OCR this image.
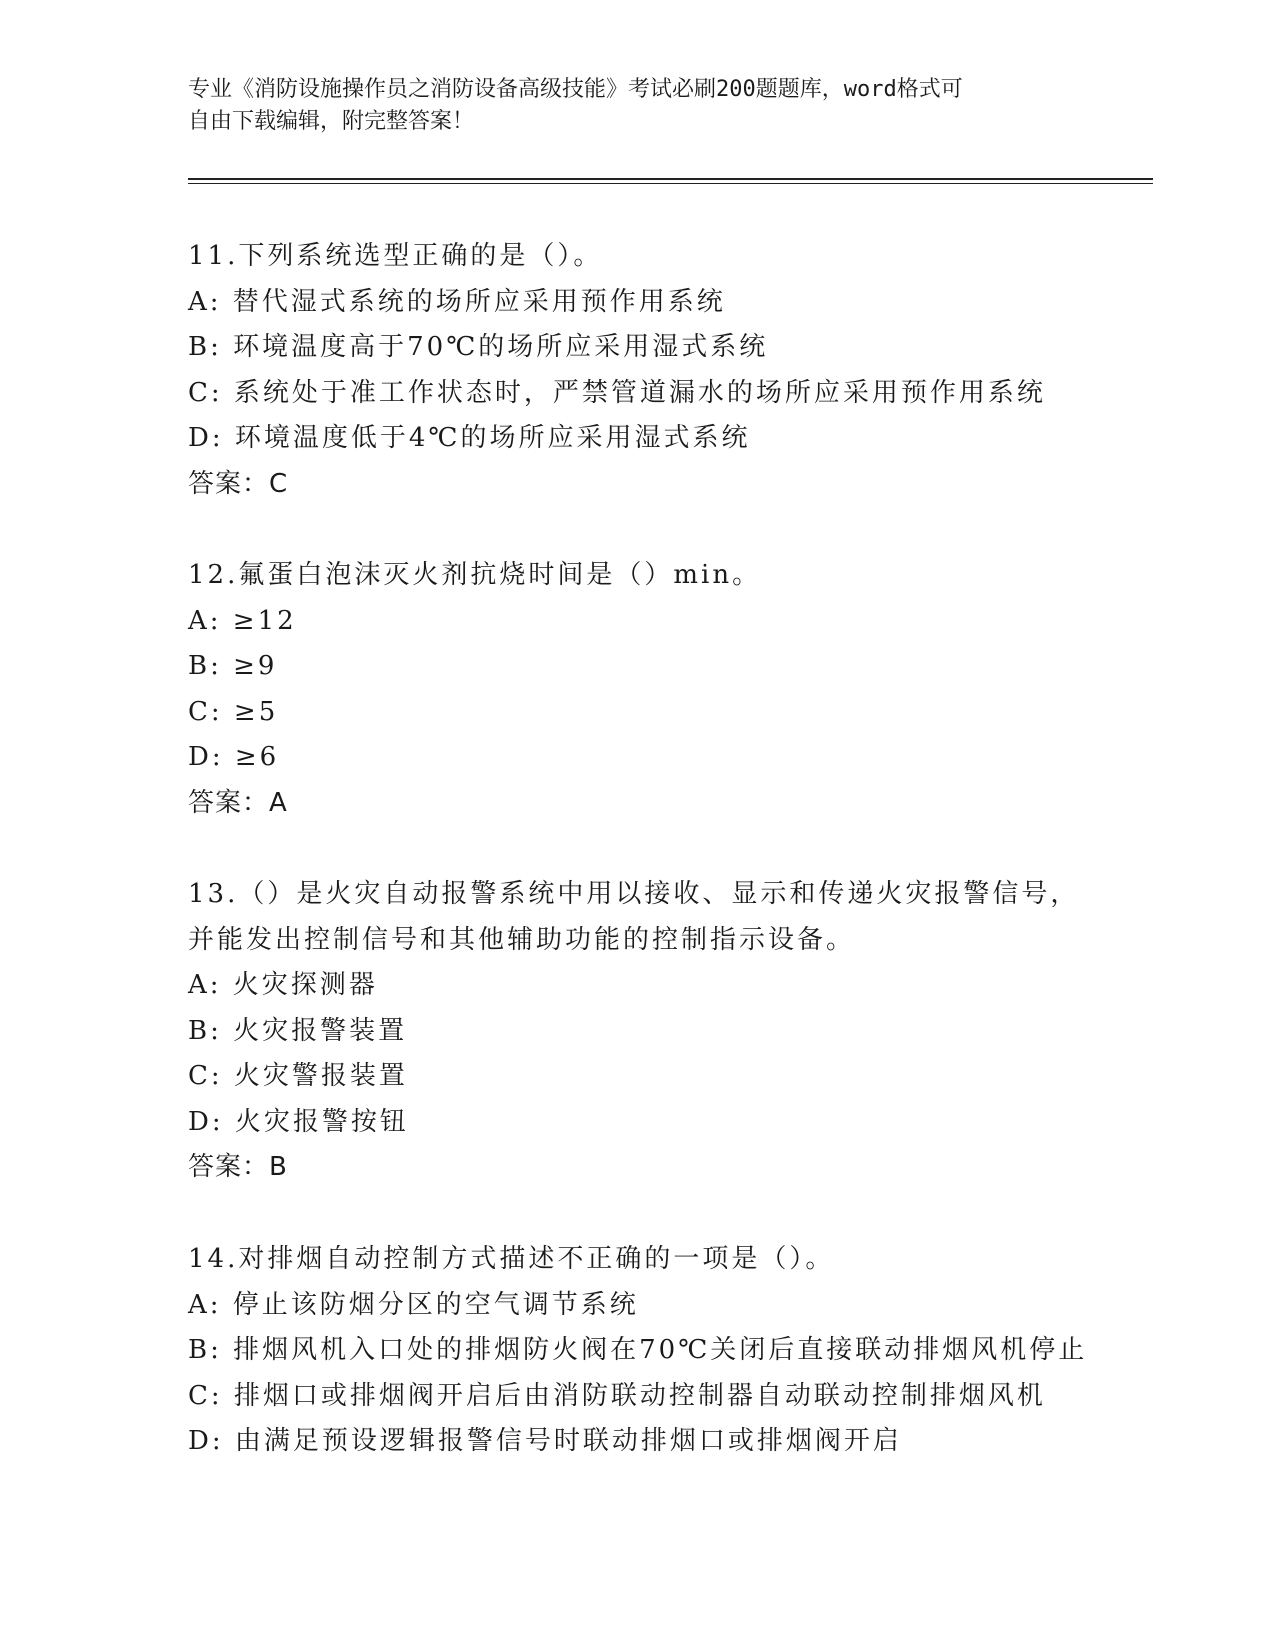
专业《消防设施操作员之消防设备高级技能》考试必刷200题题库，word格式可
自由下载编辑，附完整答案！
11.下列系统选型正确的是（）。
A: 替代湿式系统的场所应采用预作用系统
B: 环境温度高于70℃的场所应采用湿式系统
C: 系统处于准工作状态时，严禁管道漏水的场所应采用预作用系统
D: 环境温度低于4℃的场所应采用湿式系统
答案：C
12.氟蛋白泡沫灭火剂抗烧时间是（）min。
A: ≥12
B: ≥9
C: ≥5
D: ≥6
答案：A
13.（）是火灾自动报警系统中用以接收、显示和传递火灾报警信号，
并能发出控制信号和其他辅助功能的控制指示设备。
A: 火灾探测器
B: 火灾报警装置
C: 火灾警报装置
D: 火灾报警按钮
答案：B
14.对排烟自动控制方式描述不正确的一项是（）。
A: 停止该防烟分区的空气调节系统
B: 排烟风机入口处的排烟防火阀在70℃关闭后直接联动排烟风机停止
C: 排烟口或排烟阀开启后由消防联动控制器自动联动控制排烟风机
D: 由满足预设逻辑报警信号时联动排烟口或排烟阀开启
